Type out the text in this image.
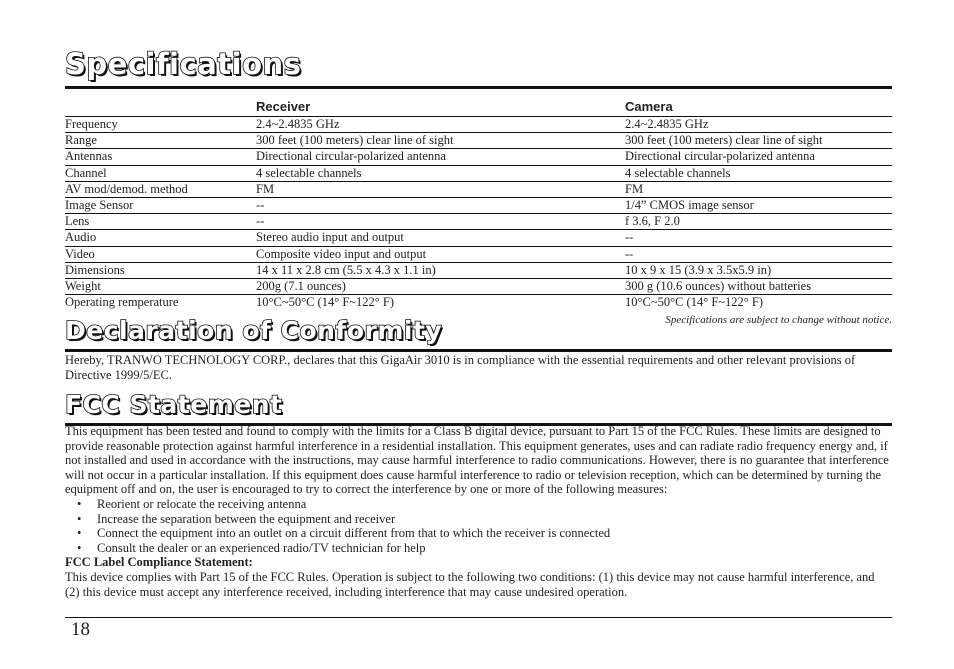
Specifications
	Receiver	Camera
Frequency	2.4~2.4835 GHz	2.4~2.4835 GHz
Range	300 feet (100 meters) clear line of sight	300 feet (100 meters) clear line of sight
Antennas	Directional circular-polarized antenna	Directional circular-polarized antenna
Channel	4 selectable channels	4 selectable channels
AV mod/demod. method	FM	FM
Image Sensor	--	1/4” CMOS image sensor
Lens	--	f 3.6, F 2.0
Audio	Stereo audio input and output	--
Video	Composite video input and output	--
Dimensions	14 x 11 x 2.8 cm (5.5 x 4.3 x 1.1 in)	10 x 9 x 15 (3.9 x 3.5x5.9 in)
Weight	200g (7.1 ounces)	300 g (10.6 ounces) without batteries
Operating remperature	10°C~50°C (14° F~122° F)	10°C~50°C (14° F~122° F)
Specifications are subject to change without notice.
Declaration of Conformity
Hereby, TRANWO TECHNOLOGY CORP., declares that this GigaAir 3010 is in compliance with the essential requirements and other relevant provisions of Directive 1999/5/EC.
FCC Statement

This equipment has been tested and found to comply with the limits for a Class B digital device, pursuant to Part 15 of the FCC Rules. These limits are designed to provide reasonable protection against harmful interference in a residential installation. This equipment generates, uses and can radiate radio frequency energy and, if not installed and used in accordance with the instructions, may cause harmful interference to radio communications. However, there is no guarantee that interference will not occur in a particular installation. If this equipment does cause harmful interference to radio or television reception, which can be determined by turning the equipment off and on, the user is encouraged to try to correct the interference by one or more of the following measures:

• Reorient or relocate the receiving antenna
• Increase the separation between the equipment and receiver
• Connect the equipment into an outlet on a circuit different from that to which the receiver is connected
• Consult the dealer or an experienced radio/TV technician for help

FCC Label Compliance Statement:

This device complies with Part 15 of the FCC Rules. Operation is subject to the following two conditions: (1) this device may not cause harmful interference, and (2) this device must accept any interference received, including interference that may cause undesired operation.

18
